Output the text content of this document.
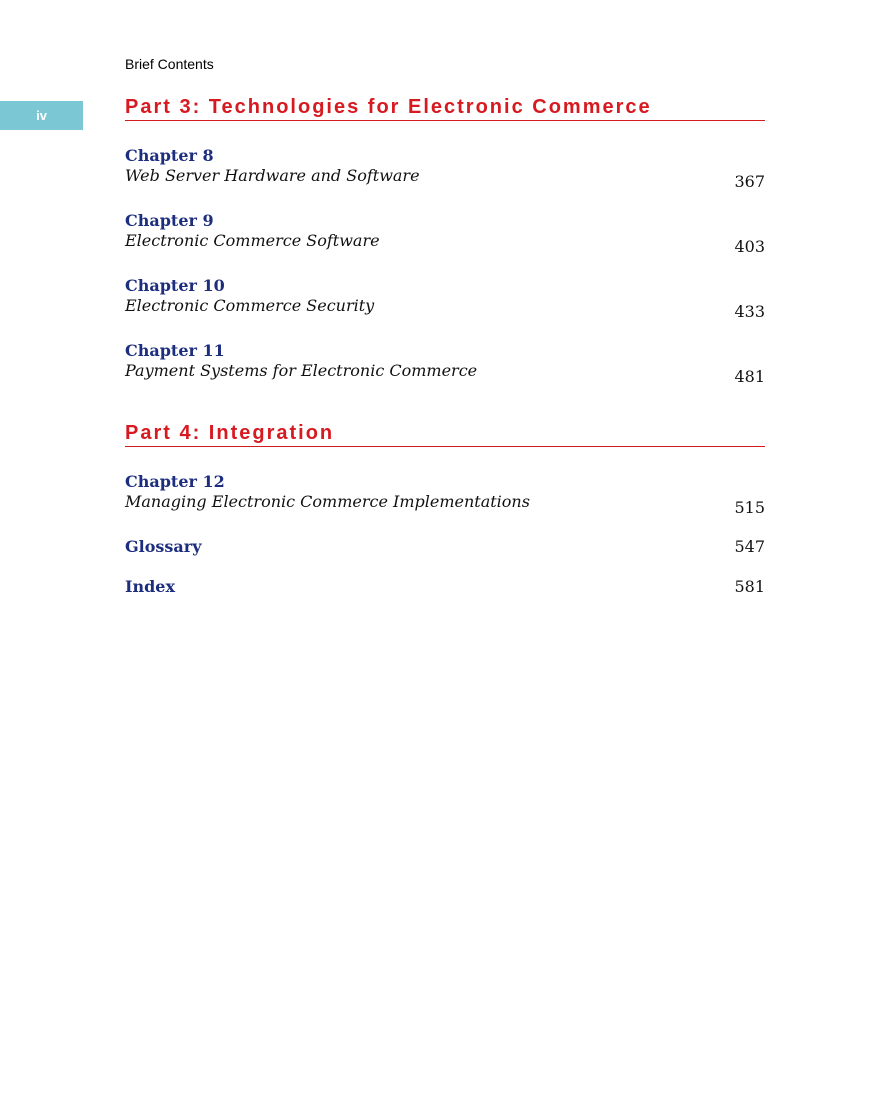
Brief Contents
iv	Part 3: Technologies for Electronic Commerce
Chapter 8
Web Server Hardware and Software	367
Chapter 9
Electronic Commerce Software	403
Chapter 10
Electronic Commerce Security	433
Chapter 11
Payment Systems for Electronic Commerce	481
Part 4: Integration
Chapter 12
Managing Electronic Commerce Implementations	515
Glossary	547
Index	581
